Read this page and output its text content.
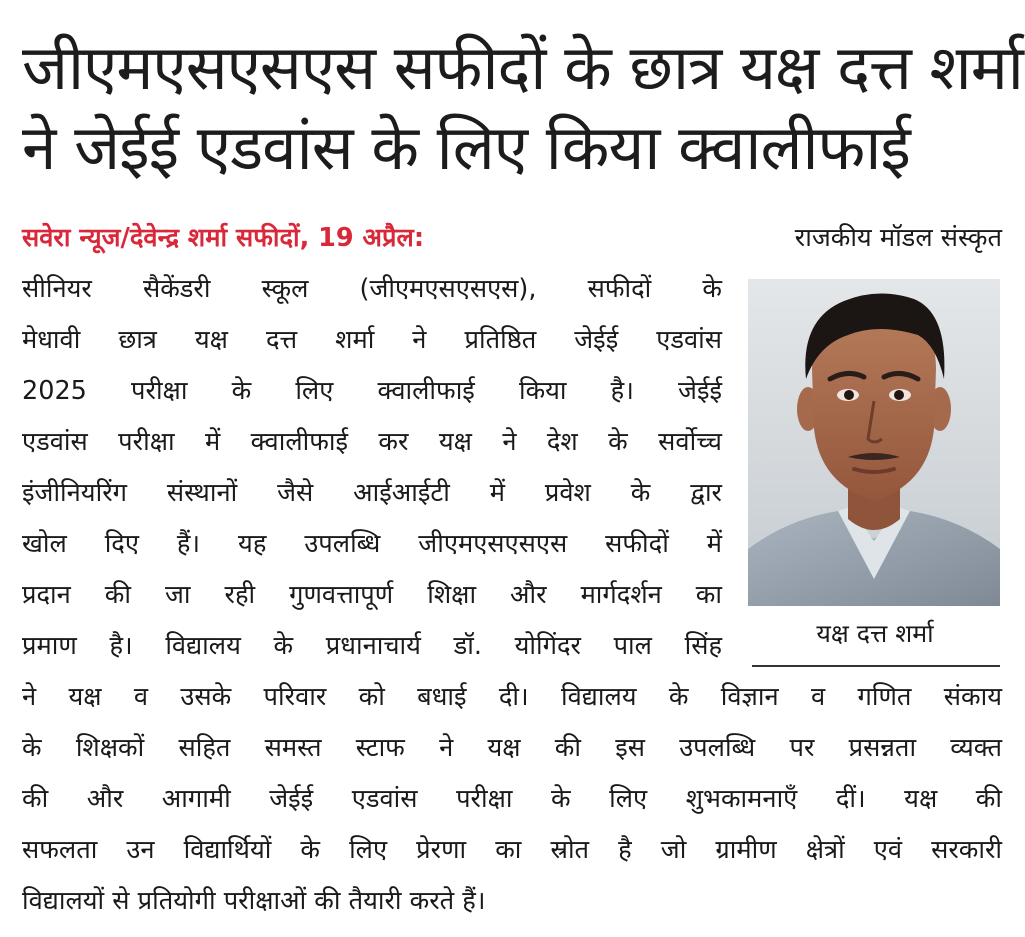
जीएमएसएसएस सफीदों के छात्र यक्ष दत्त शर्मा
ने जेईई एडवांस के लिए किया क्वालीफाई
सवेरा न्यूज/देवेन्द्र शर्मा सफीदों, 19 अप्रैल:	राजकीय मॉडल संस्कृत
सीनियर सैकेंडरी स्कूल (जीएमएसएसएस), सफीदों के
मेधावी छात्र यक्ष दत्त शर्मा ने प्रतिष्ठित जेईई एडवांस
2025 परीक्षा के लिए क्वालीफाई किया है। जेईई
एडवांस परीक्षा में क्वालीफाई कर यक्ष ने देश के सर्वोच्च
इंजीनियरिंग संस्थानों जैसे आईआईटी में प्रवेश के द्वार
खोल दिए हैं। यह उपलब्धि जीएमएसएसएस सफीदों में
प्रदान की जा रही गुणवत्तापूर्ण शिक्षा और मार्गदर्शन का
प्रमाण है। विद्यालय के प्रधानाचार्य डॉ. योगिंदर पाल सिंह
ने यक्ष व उसके परिवार को बधाई दी। विद्यालय के विज्ञान व गणित संकाय
के शिक्षकों सहित समस्त स्टाफ ने यक्ष की इस उपलब्धि पर प्रसन्नता व्यक्त
की और आगामी जेईई एडवांस परीक्षा के लिए शुभकामनाएँ दीं। यक्ष की
सफलता उन विद्यार्थियों के लिए प्रेरणा का स्रोत है जो ग्रामीण क्षेत्रों एवं सरकारी
विद्यालयों से प्रतियोगी परीक्षाओं की तैयारी करते हैं।
यक्ष दत्त शर्मा
